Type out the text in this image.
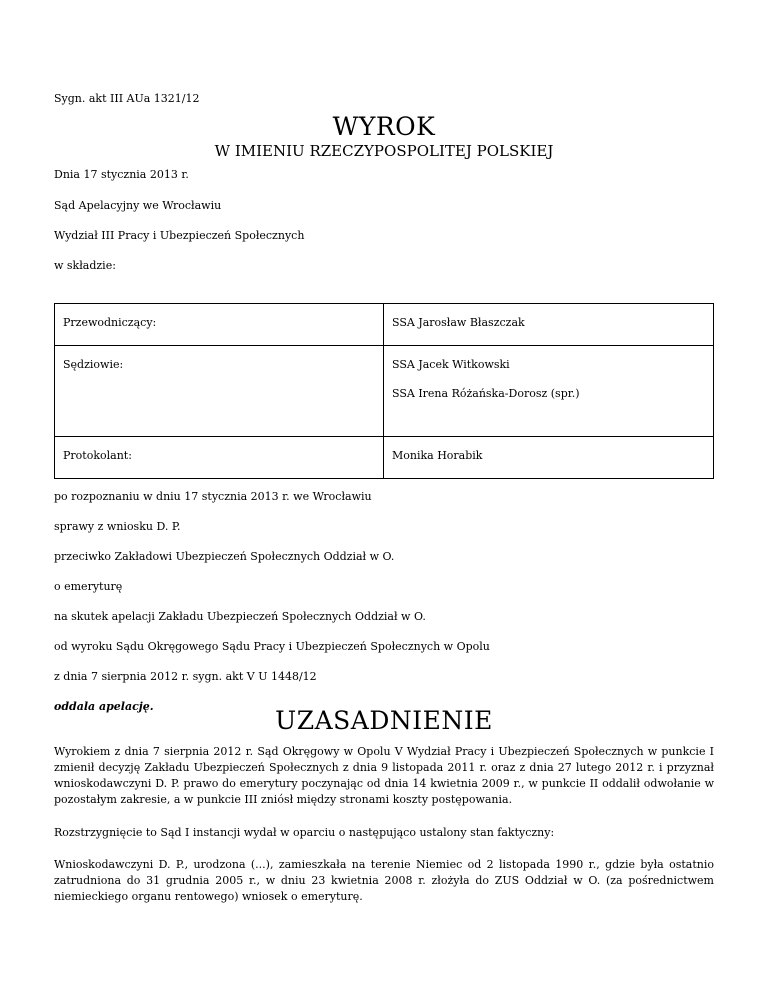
Sygn. akt III AUa 1321/12
WYROK
W IMIENIU RZECZYPOSPOLITEJ POLSKIEJ
Dnia 17 stycznia 2013 r.
Sąd Apelacyjny we Wrocławiu
Wydział III Pracy i Ubezpieczeń Społecznych
w składzie:
Przewodniczący:	SSA Jarosław Błaszczak
Sędziowie:	SSA Jacek Witkowski
SSA Irena Różańska-Dorosz (spr.)

Protokolant:	Monika Horabik
po rozpoznaniu w dniu 17 stycznia 2013 r. we Wrocławiu
sprawy z wniosku D. P.
przeciwko Zakładowi Ubezpieczeń Społecznych Oddział w O.
o emeryturę
na skutek apelacji Zakładu Ubezpieczeń Społecznych Oddział w O.
od wyroku Sądu Okręgowego Sądu Pracy i Ubezpieczeń Społecznych w Opolu
z dnia 7 sierpnia 2012 r. sygn. akt V U 1448/12
oddala apelację.	UZASADNIENIE
Wyrokiem z dnia 7 sierpnia 2012 r. Sąd Okręgowy w Opolu V Wydział Pracy i Ubezpieczeń Społecznych w punkcie I zmienił decyzję Zakładu Ubezpieczeń Społecznych z dnia 9 listopada 2011 r. oraz z dnia 27 lutego 2012 r. i przyznał wnioskodawczyni D. P. prawo do emerytury poczynając od dnia 14 kwietnia 2009 r., w punkcie II oddalił odwołanie w pozostałym zakresie, a w punkcie III zniósł między stronami koszty postępowania.
Rozstrzygnięcie to Sąd I instancji wydał w oparciu o następująco ustalony stan faktyczny:
Wnioskodawczyni D. P., urodzona (...), zamieszkała na terenie Niemiec od 2 listopada 1990 r., gdzie była ostatnio zatrudniona do 31 grudnia 2005 r., w dniu 23 kwietnia 2008 r. złożyła do ZUS Oddział w O. (za pośrednictwem niemieckiego organu rentowego) wniosek o emeryturę.
